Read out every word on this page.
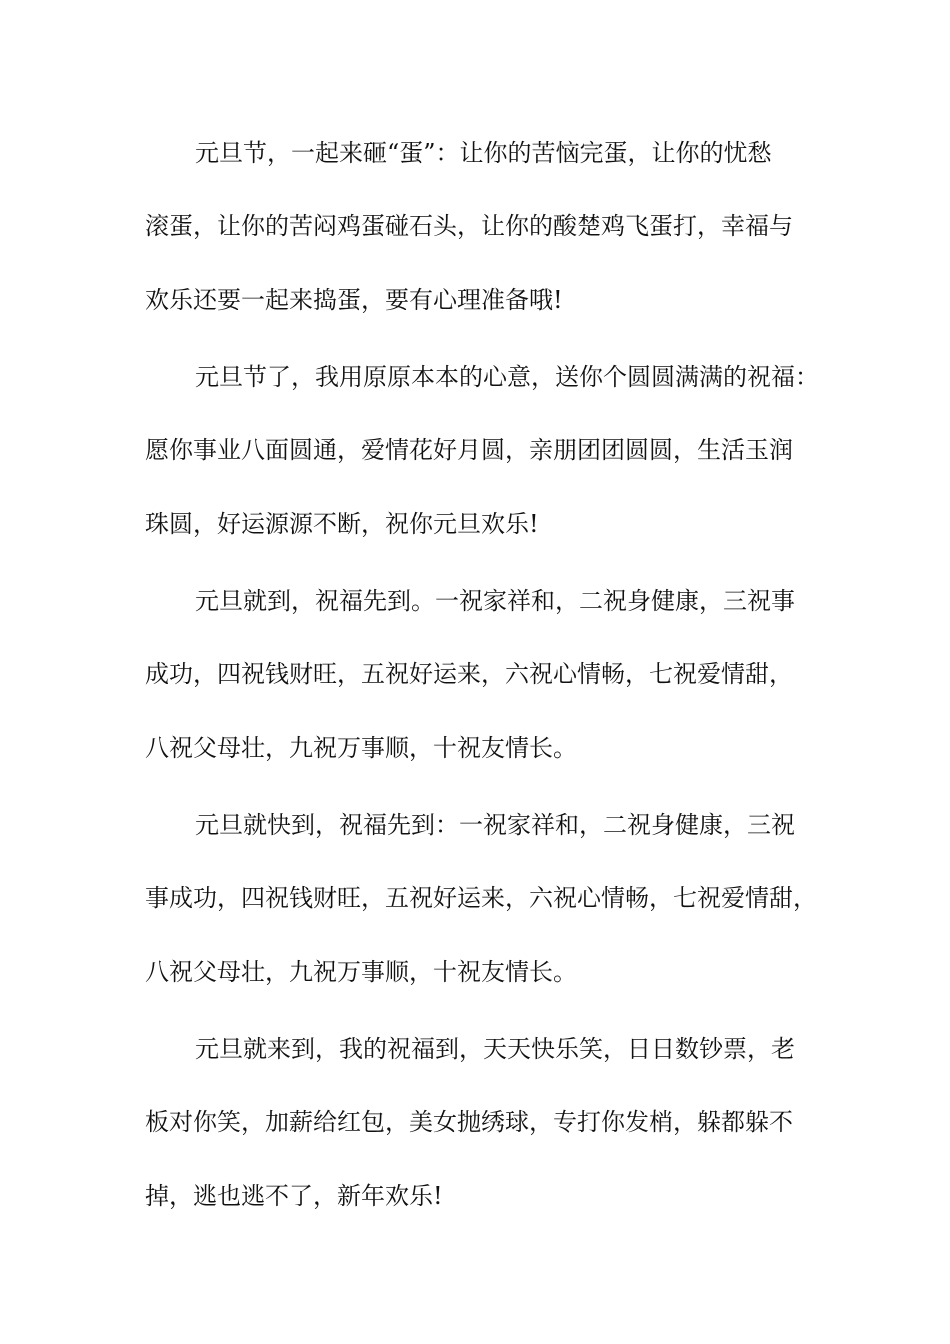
元旦节，一起来砸“蛋”：让你的苦恼完蛋，让你的忧愁
滚蛋，让你的苦闷鸡蛋碰石头，让你的酸楚鸡飞蛋打，幸福与
欢乐还要一起来捣蛋，要有心理准备哦!
元旦节了，我用原原本本的心意，送你个圆圆满满的祝福：
愿你事业八面圆通，爱情花好月圆，亲朋团团圆圆，生活玉润
珠圆，好运源源不断，祝你元旦欢乐!
元旦就到，祝福先到。一祝家祥和，二祝身健康，三祝事
成功，四祝钱财旺，五祝好运来，六祝心情畅，七祝爱情甜，
八祝父母壮，九祝万事顺，十祝友情长。
元旦就快到，祝福先到：一祝家祥和，二祝身健康，三祝
事成功，四祝钱财旺，五祝好运来，六祝心情畅，七祝爱情甜，
八祝父母壮，九祝万事顺，十祝友情长。
元旦就来到，我的祝福到，天天快乐笑，日日数钞票，老
板对你笑，加薪给红包，美女抛绣球，专打你发梢，躲都躲不
掉，逃也逃不了，新年欢乐!
